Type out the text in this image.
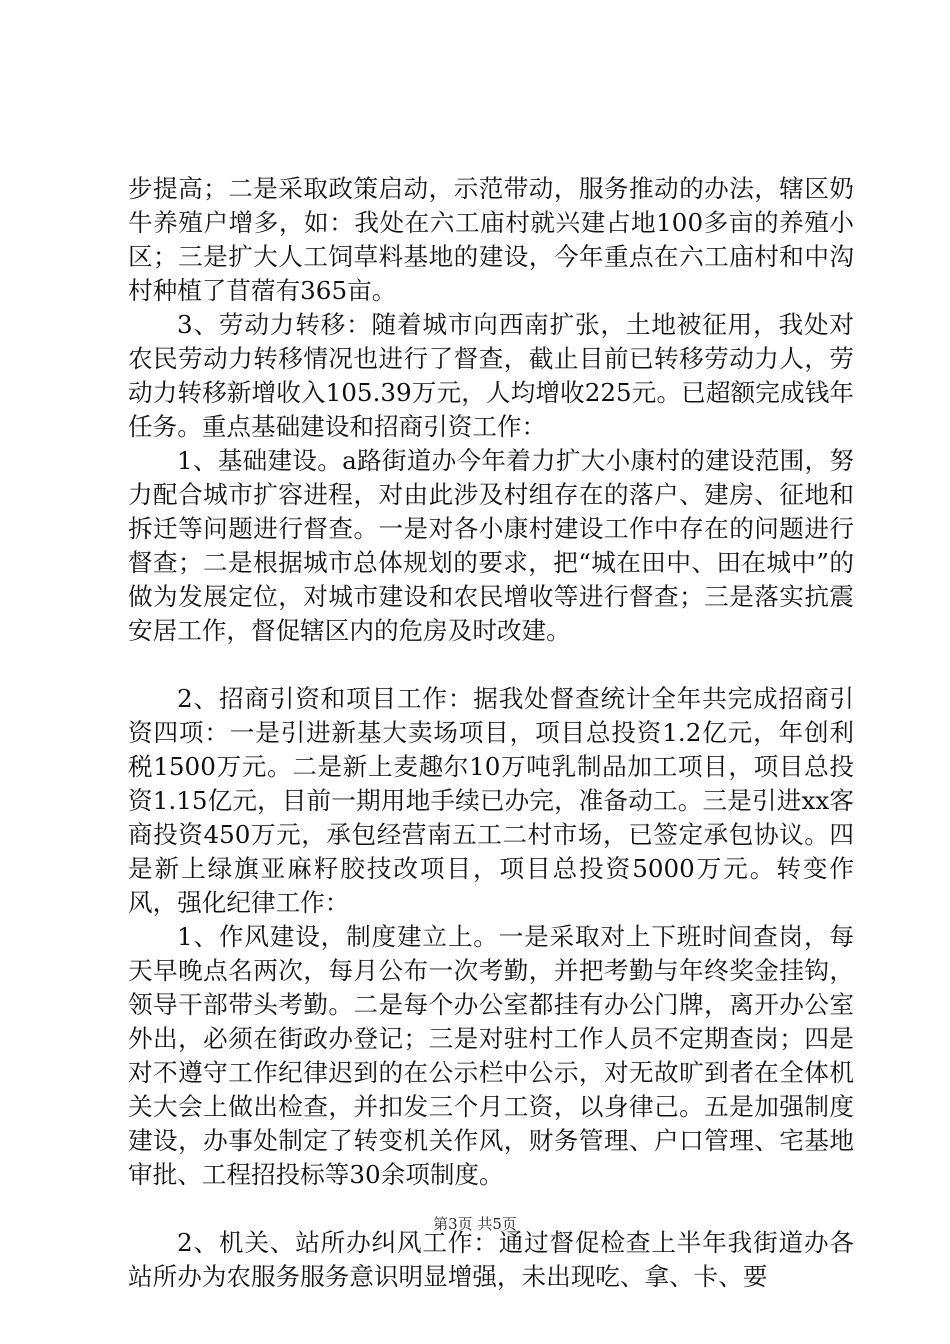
步提高；二是采取政策启动，示范带动，服务推动的办法，辖区奶牛养殖户增多，如：我处在六工庙村就兴建占地100多亩的养殖小区；三是扩大人工饲草料基地的建设，今年重点在六工庙村和中沟村种植了苜蓿有365亩。

3、劳动力转移：随着城市向西南扩张，土地被征用，我处对农民劳动力转移情况也进行了督查，截止目前已转移劳动力人，劳动力转移新增收入105.39万元，人均增收225元。已超额完成钱年任务。重点基础建设和招商引资工作：

1、基础建设。a路街道办今年着力扩大小康村的建设范围，努力配合城市扩容进程，对由此涉及村组存在的落户、建房、征地和拆迁等问题进行督查。一是对各小康村建设工作中存在的问题进行督查；二是根据城市总体规划的要求，把“城在田中、田在城中”的做为发展定位，对城市建设和农民增收等进行督查；三是落实抗震安居工作，督促辖区内的危房及时改建。

2、招商引资和项目工作：据我处督查统计全年共完成招商引资四项：一是引进新基大卖场项目，项目总投资1.2亿元，年创利税1500万元。二是新上麦趣尔10万吨乳制品加工项目，项目总投资1.15亿元，目前一期用地手续已办完，准备动工。三是引进xx客商投资450万元，承包经营南五工二村市场，已签定承包协议。四是新上绿旗亚麻籽胶技改项目，项目总投资5000万元。转变作风，强化纪律工作：

1、作风建设，制度建立上。一是采取对上下班时间查岗，每天早晚点名两次，每月公布一次考勤，并把考勤与年终奖金挂钩，领导干部带头考勤。二是每个办公室都挂有办公门牌，离开办公室外出，必须在街政办登记；三是对驻村工作人员不定期查岗；四是对不遵守工作纪律迟到的在公示栏中公示，对无故旷到者在全体机关大会上做出检查，并扣发三个月工资，以身律己。五是加强制度建设，办事处制定了转变机关作风，财务管理、户口管理、宅基地审批、工程招投标等30余项制度。

2、机关、站所办纠风工作：通过督促检查上半年我街道办各站所办为农服务服务意识明显增强，未出现吃、拿、卡、要

第3页 共5页
